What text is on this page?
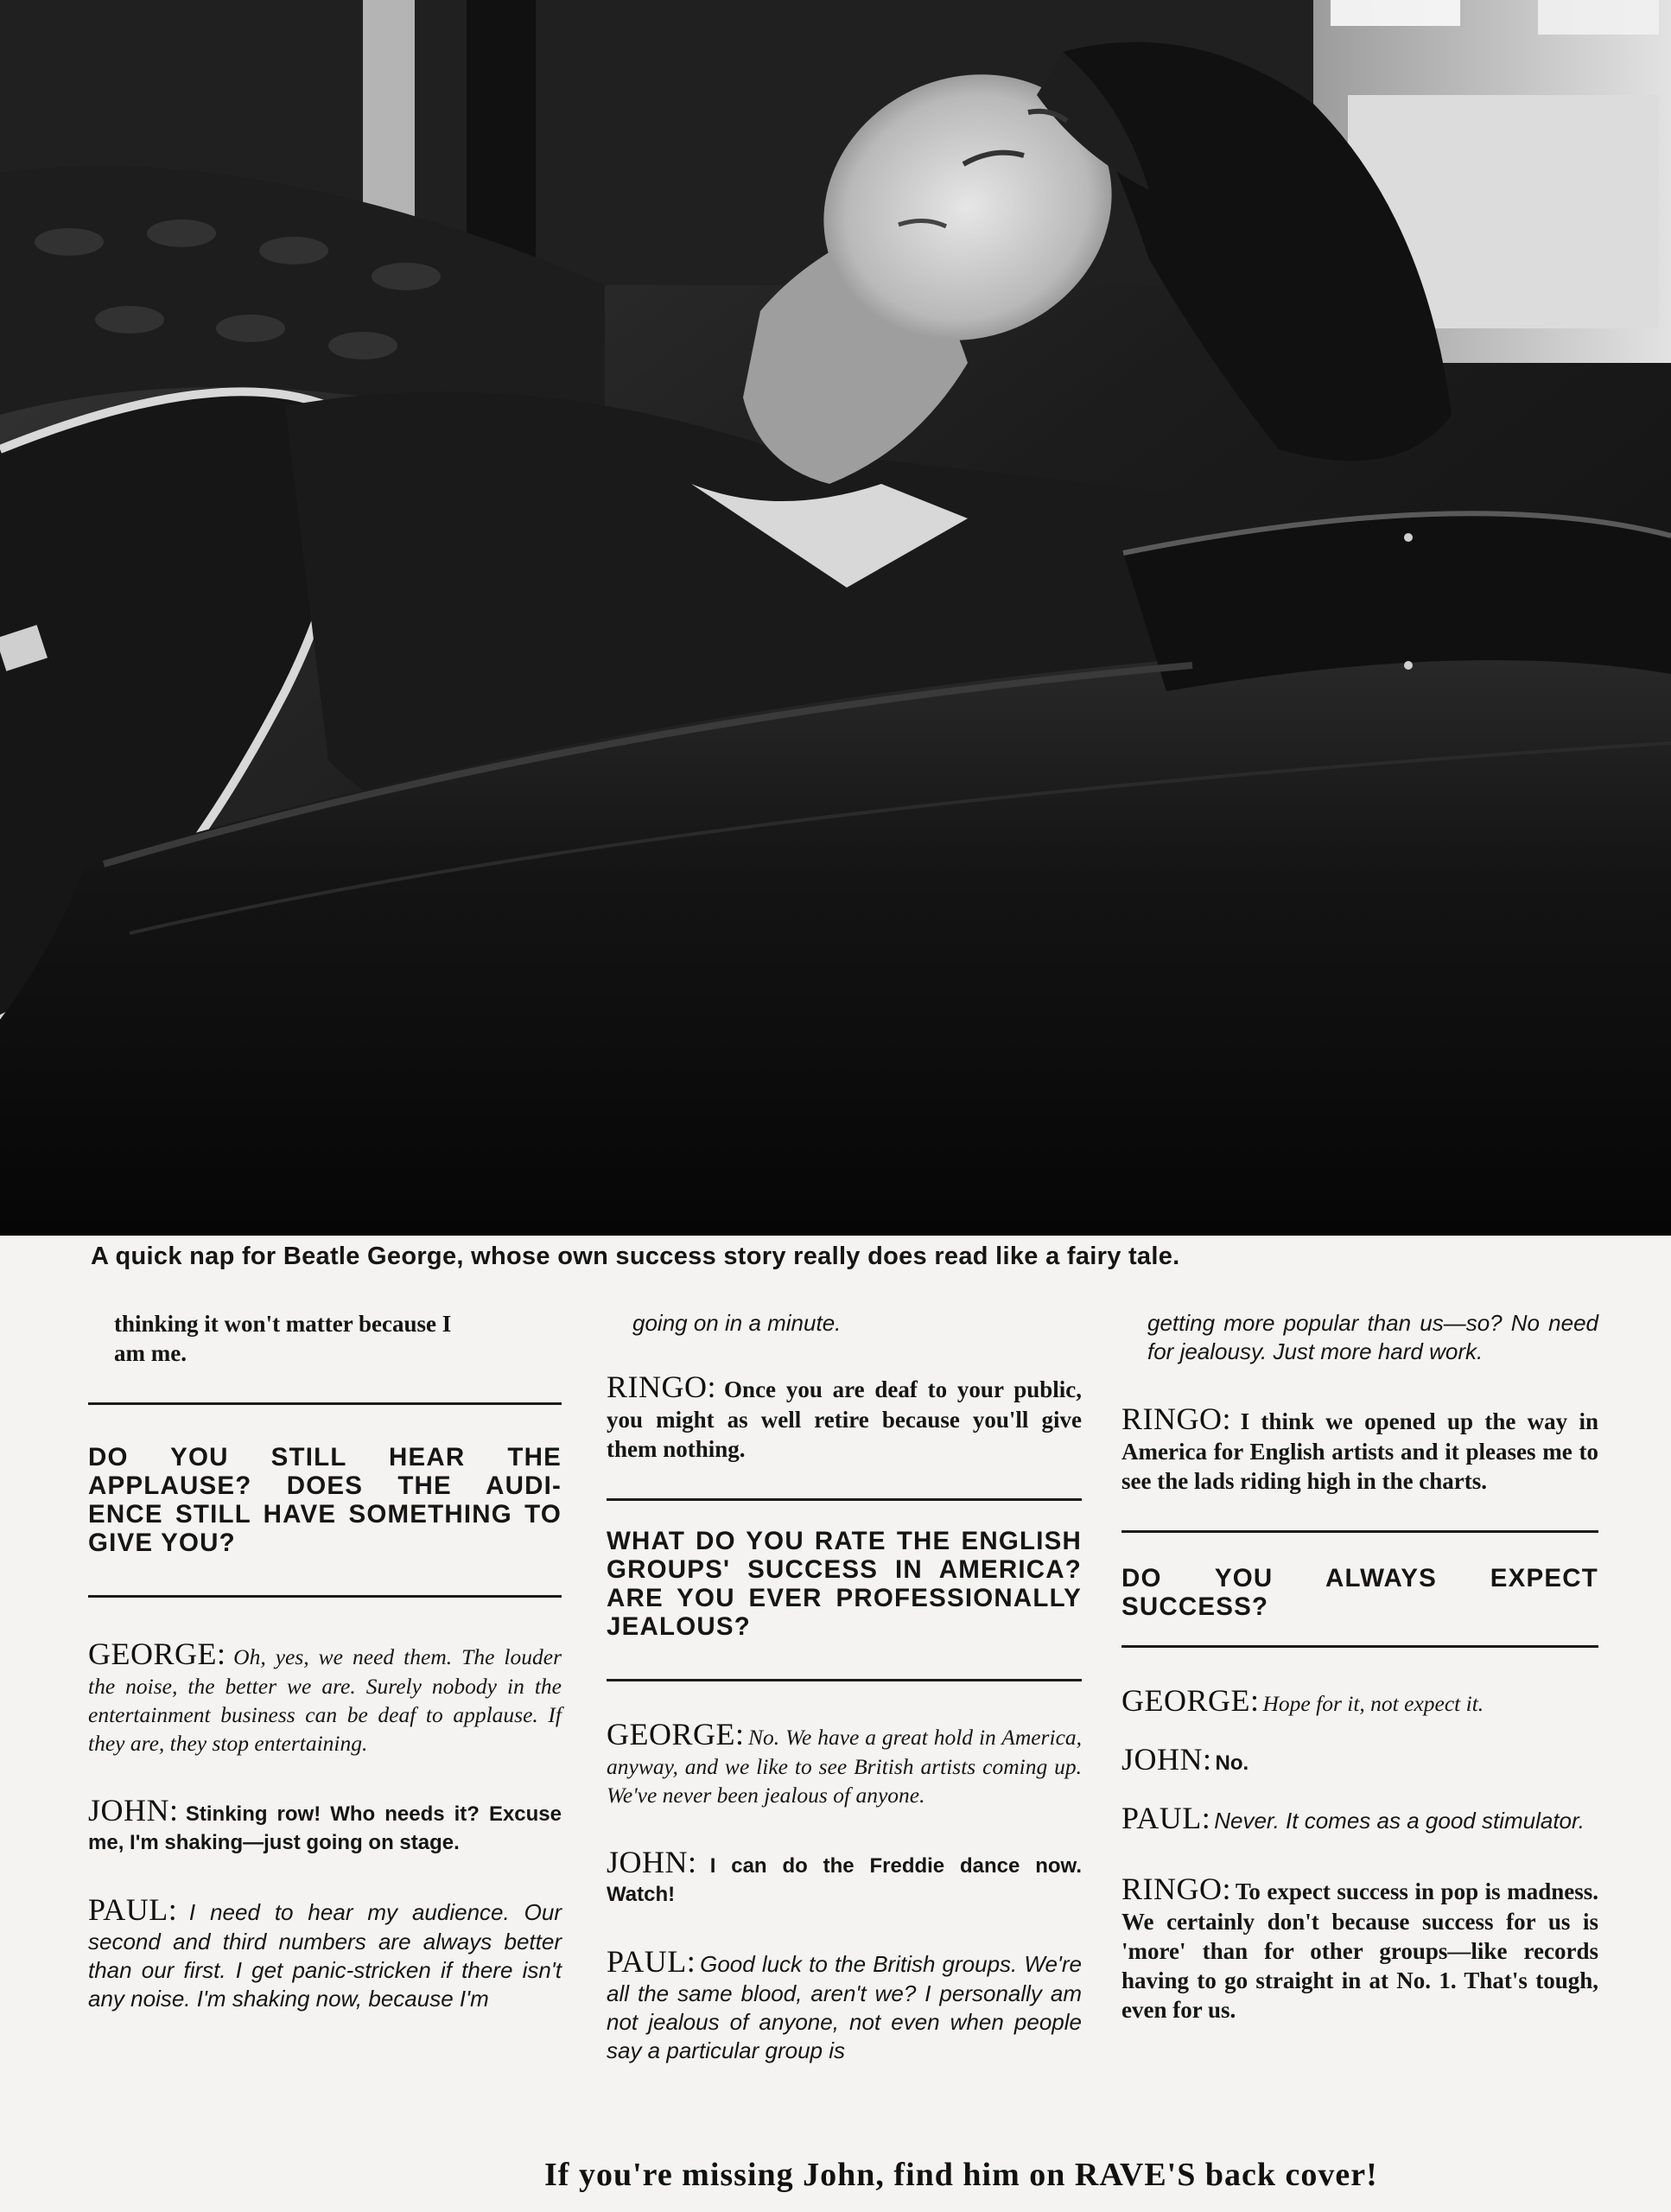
A quick nap for Beatle George, whose own success story really does read like a fairy tale.
thinking it won't matter because I
am me.
DO YOU STILL HEAR THE APPLAUSE? DOES THE AUDI- ENCE STILL HAVE SOMETHING TO GIVE YOU?
GEORGE: Oh, yes, we need them. The louder the noise, the better we are. Surely nobody in the entertainment business can be deaf to applause. If they are, they stop entertaining.
JOHN: Stinking row! Who needs it? Excuse me, I'm shaking—just going on stage.
PAUL: I need to hear my audience. Our second and third numbers are always better than our first. I get panic-stricken if there isn't any noise. I'm shaking now, because I'm
going on in a minute.
RINGO: Once you are deaf to your public, you might as well retire because you'll give them nothing.
WHAT DO YOU RATE THE ENGLISH GROUPS' SUCCESS IN AMERICA? ARE YOU EVER PROFESSIONALLY JEALOUS?
GEORGE: No. We have a great hold in America, anyway, and we like to see British artists coming up. We've never been jealous of anyone.
JOHN: I can do the Freddie dance now. Watch!
PAUL: Good luck to the British groups. We're all the same blood, aren't we? I personally am not jealous of anyone, not even when people say a particular group is
getting more popular than us—so? No need for jealousy. Just more hard work.
RINGO: I think we opened up the way in America for English artists and it pleases me to see the lads riding high in the charts.
DO YOU ALWAYS EXPECT SUCCESS?
GEORGE: Hope for it, not expect it.
JOHN: No.
PAUL: Never. It comes as a good stimulator.
RINGO: To expect success in pop is madness. We certainly don't because success for us is 'more' than for other groups—like records having to go straight in at No. 1. That's tough, even for us.
If you're missing John, find him on RAVE'S back cover!
